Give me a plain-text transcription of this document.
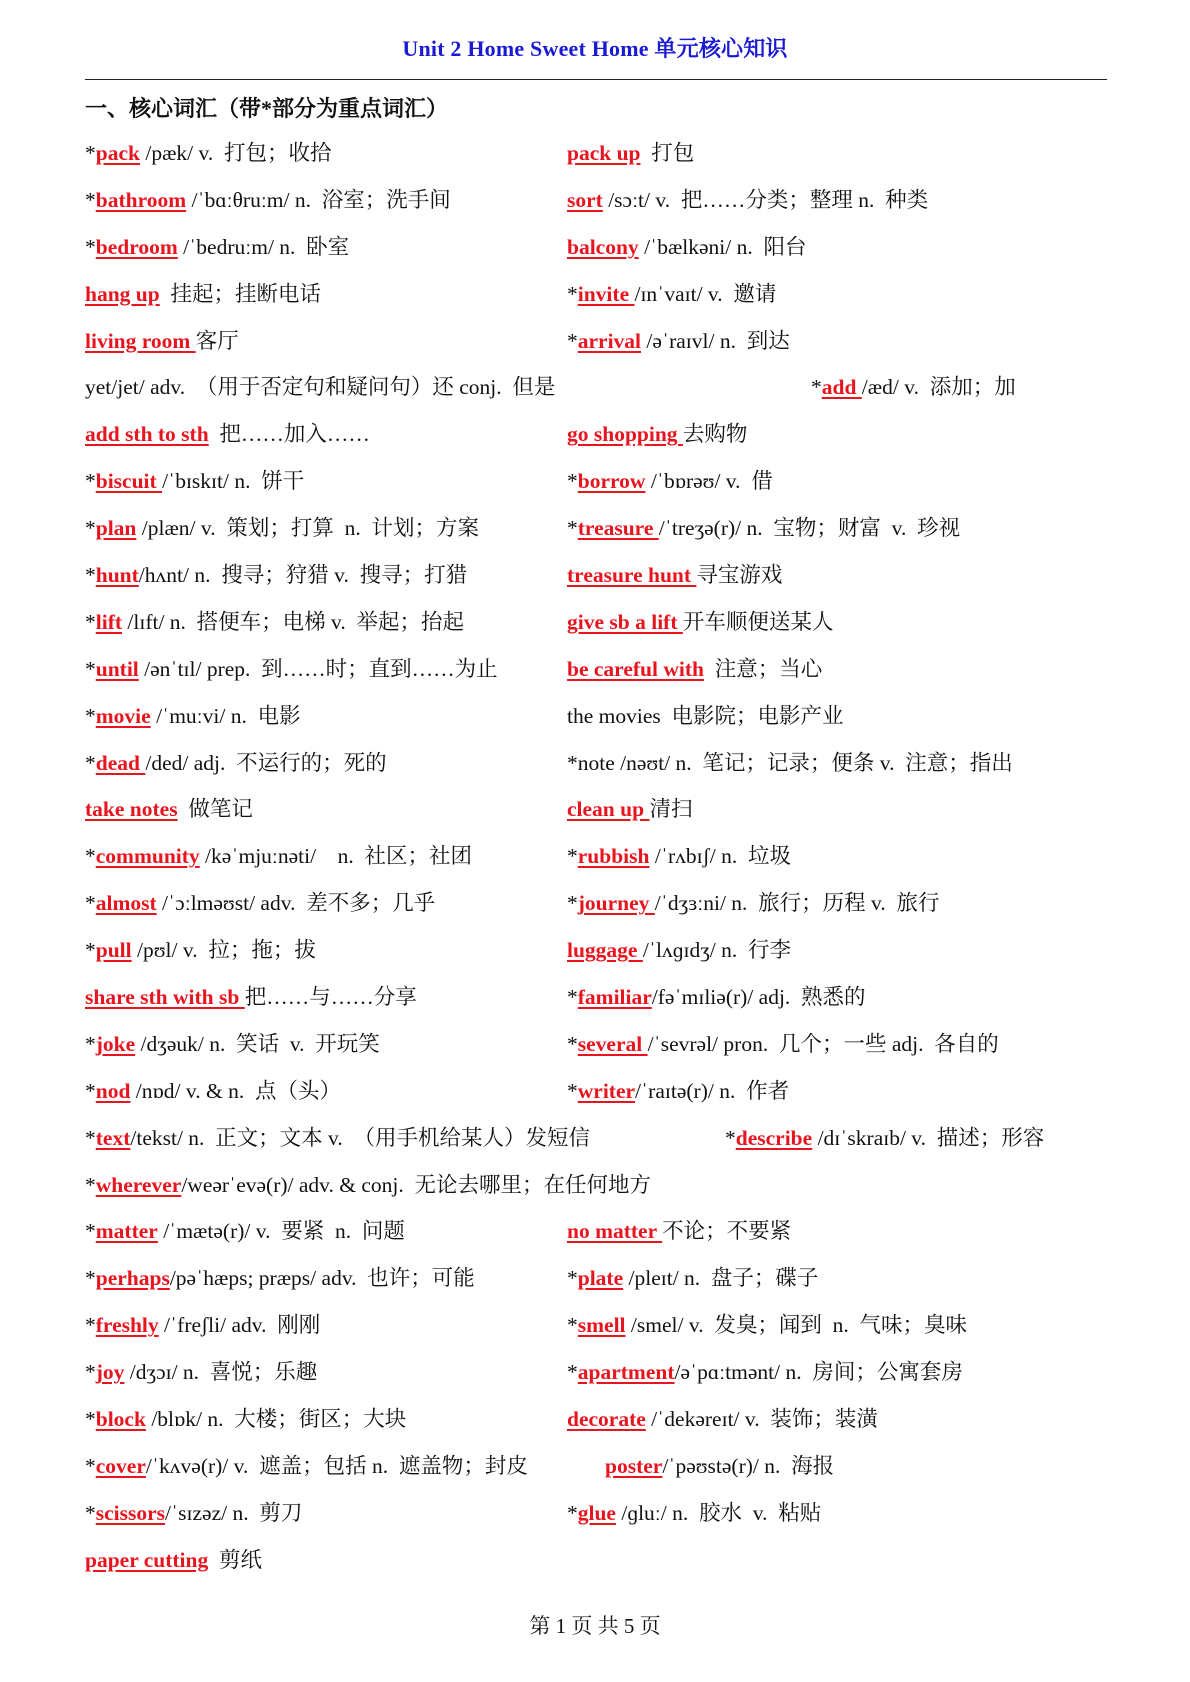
Unit 2 Home Sweet Home 单元核心知识
一、核心词汇（带*部分为重点词汇）
*pack /pæk/ v.  打包；收拾	pack up  打包
*bathroom /ˈbɑːθruːm/ n.  浴室；洗手间	sort /sɔːt/ v.  把……分类；整理 n.  种类
*bedroom /ˈbedruːm/ n.  卧室	balcony /ˈbælkəni/ n.  阳台
hang up  挂起；挂断电话	*invite /ɪnˈvaɪt/ v.  邀请
living room 客厅	*arrival /əˈraɪvl/ n.  到达
yet/jet/ adv.  （用于否定句和疑问句）还 conj.  但是	*add /æd/ v.  添加；加
add sth to sth  把……加入……	go shopping 去购物
*biscuit /ˈbɪskɪt/ n.  饼干	*borrow /ˈbɒrəʊ/ v.  借
*plan /plæn/ v.  策划；打算  n.  计划；方案	*treasure /ˈtreʒə(r)/ n.  宝物；财富  v.  珍视
*hunt/hʌnt/ n.  搜寻；狩猎 v.  搜寻；打猎	treasure hunt 寻宝游戏
*lift /lɪft/ n.  搭便车；电梯 v.  举起；抬起	give sb a lift 开车顺便送某人
*until /ənˈtɪl/ prep.  到……时；直到……为止	be careful with  注意；当心
*movie /ˈmuːvi/ n.  电影	the movies  电影院；电影产业
*dead /ded/ adj.  不运行的；死的	*note /nəʊt/ n.  笔记；记录；便条 v.  注意；指出
take notes  做笔记	clean up 清扫
*community /kəˈmjuːnəti/    n.  社区；社团	*rubbish /ˈrʌbɪʃ/ n.  垃圾
*almost /ˈɔːlməʊst/ adv.  差不多；几乎	*journey /ˈdʒɜːni/ n.  旅行；历程 v.  旅行
*pull /pʊl/ v.  拉；拖；拔	luggage /ˈlʌɡɪdʒ/ n.  行李
share sth with sb 把……与……分享	*familiar/fəˈmɪliə(r)/ adj.  熟悉的
*joke /dʒəuk/ n.  笑话  v.  开玩笑	*several /ˈsevrəl/ pron.  几个；一些 adj.  各自的
*nod /nɒd/ v. & n.  点（头）	*writer/ˈraɪtə(r)/ n.  作者
*text/tekst/ n.  正文；文本 v.  （用手机给某人）发短信	*describe /dɪˈskraɪb/ v.  描述；形容
*wherever/weərˈevə(r)/ adv. & conj.  无论去哪里；在任何地方
*matter /ˈmætə(r)/ v.  要紧  n.  问题	no matter 不论；不要紧
*perhaps/pəˈhæps; præps/ adv.  也许；可能	*plate /pleɪt/ n.  盘子；碟子
*freshly /ˈfreʃli/ adv.  刚刚	*smell /smel/ v.  发臭；闻到  n.  气味；臭味
*joy /dʒɔɪ/ n.  喜悦；乐趣	*apartment/əˈpɑːtmənt/ n.  房间；公寓套房
*block /blɒk/ n.  大楼；街区；大块	decorate /ˈdekəreɪt/ v.  装饰；装潢
*cover/ˈkʌvə(r)/ v.  遮盖；包括 n.  遮盖物；封皮	poster/ˈpəʊstə(r)/ n.  海报
*scissors/ˈsɪzəz/ n.  剪刀	*glue /ɡluː/ n.  胶水  v.  粘贴
paper cutting  剪纸
第 1 页 共 5 页
